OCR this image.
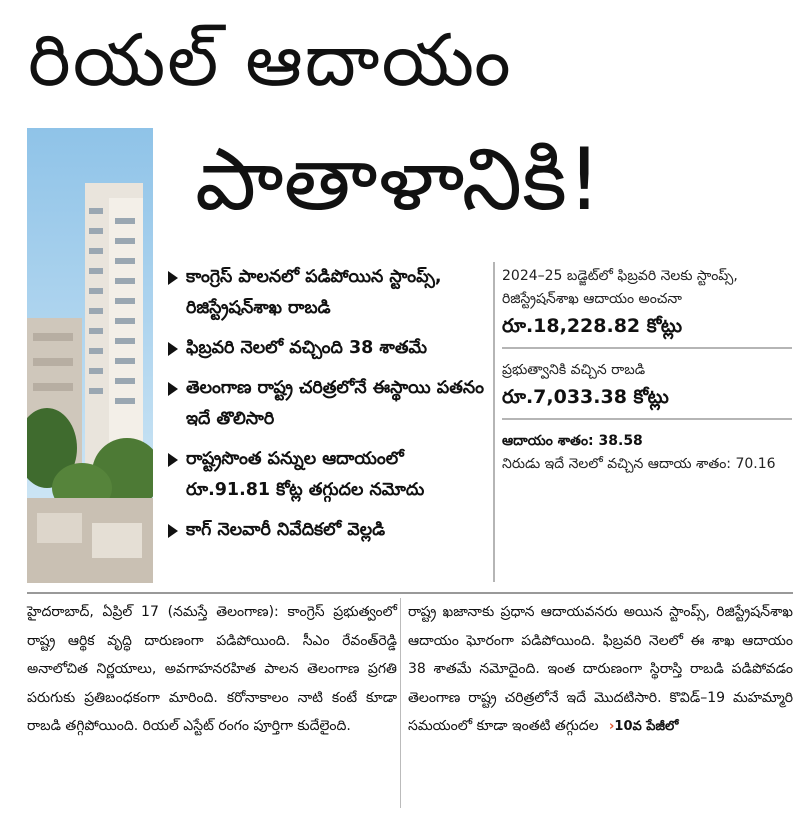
రియల్ ఆదాయం
పాతాళానికి!
కాంగ్రెస్ పాలనలో పడిపోయిన స్టాంప్స్, రిజిస్ట్రేషన్‌శాఖ రాబడి
ఫిబ్రవరి నెలలో వచ్చింది 38 శాతమే
తెలంగాణ రాష్ట్ర చరిత్రలోనే ఈస్థాయి పతనం ఇదే తొలిసారి
రాష్ట్రసొంత పన్నుల ఆదాయంలో రూ.91.81 కోట్ల తగ్గుదల నమోదు
కాగ్ నెలవారీ నివేదికలో వెల్లడి
2024–25 బడ్జెట్‌లో ఫిబ్రవరి నెలకు స్టాంప్స్, రిజిస్ట్రేషన్‌శాఖ ఆదాయం అంచనా
రూ.18,228.82 కోట్లు
ప్రభుత్వానికి వచ్చిన రాబడి
రూ.7,033.38 కోట్లు
ఆదాయం శాతం: 38.58
నిరుడు ఇదే నెలలో వచ్చిన ఆదాయ శాతం: 70.16
హైదరాబాద్, ఏప్రిల్ 17 (నమస్తే తెలంగాణ): కాంగ్రెస్ ప్రభుత్వంలో రాష్ట్ర ఆర్థిక వృద్ధి దారుణంగా పడిపోయింది. సీఎం రేవంత్‌రెడ్డి అనాలోచిత నిర్ణయాలు, అవగాహనరహిత పాలన తెలంగాణ ప్రగతి పరుగుకు ప్రతిబంధకంగా మారింది. కరోనాకాలం నాటి కంటే కూడా రాబడి తగ్గిపోయింది. రియల్ ఎస్టేట్ రంగం పూర్తిగా కుదేలైంది.
రాష్ట్ర ఖజానాకు ప్రధాన ఆదాయవనరు అయిన స్టాంప్స్, రిజిస్ట్రేషన్‌శాఖ ఆదాయం ఘోరంగా పడిపోయింది. ఫిబ్రవరి నెలలో ఈ శాఖ ఆదాయం 38 శాతమే నమోదైంది. ఇంత దారుణంగా స్థిరాస్తి రాబడి పడిపోవడం తెలంగాణ రాష్ట్ర చరిత్రలోనే ఇదే మొదటిసారి. కొవిడ్–19 మహమ్మారి సమయంలో కూడా ఇంతటి తగ్గుదల ›10వ పేజీలో
